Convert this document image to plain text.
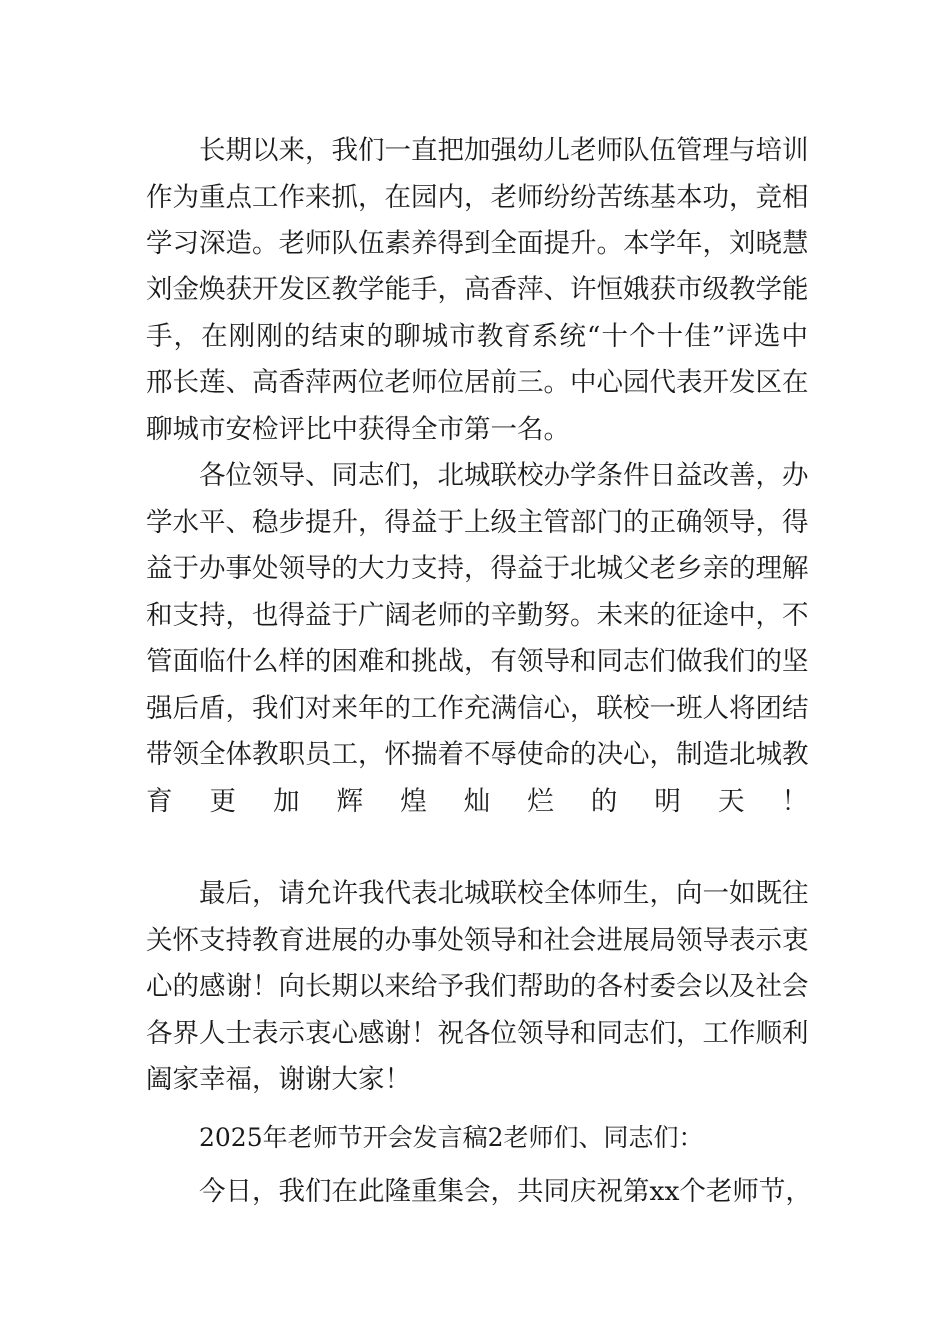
长期以来，我们一直把加强幼儿老师队伍管理与培训
作为重点工作来抓，在园内，老师纷纷苦练基本功，竞相
学习深造。老师队伍素养得到全面提升。本学年，刘晓慧
刘金焕获开发区教学能手，高香萍、许恒娥获市级教学能
手，在刚刚的结束的聊城市教育系统“十个十佳”评选中
邢长莲、高香萍两位老师位居前三。中心园代表开发区在
聊城市安检评比中获得全市第一名。
各位领导、同志们，北城联校办学条件日益改善，办
学水平、稳步提升，得益于上级主管部门的正确领导，得
益于办事处领导的大力支持，得益于北城父老乡亲的理解
和支持，也得益于广阔老师的辛勤努。未来的征途中，不
管面临什么样的困难和挑战，有领导和同志们做我们的坚
强后盾，我们对来年的工作充满信心，联校一班人将团结
带领全体教职员工，怀揣着不辱使命的决心，制造北城教
育更加辉煌灿烂的明天！
最后，请允许我代表北城联校全体师生，向一如既往
关怀支持教育进展的办事处领导和社会进展局领导表示衷
心的感谢！向长期以来给予我们帮助的各村委会以及社会
各界人士表示衷心感谢！祝各位领导和同志们，工作顺利
阖家幸福，谢谢大家！
2025年老师节开会发言稿2老师们、同志们：
今日，我们在此隆重集会，共同庆祝第xx个老师节，
